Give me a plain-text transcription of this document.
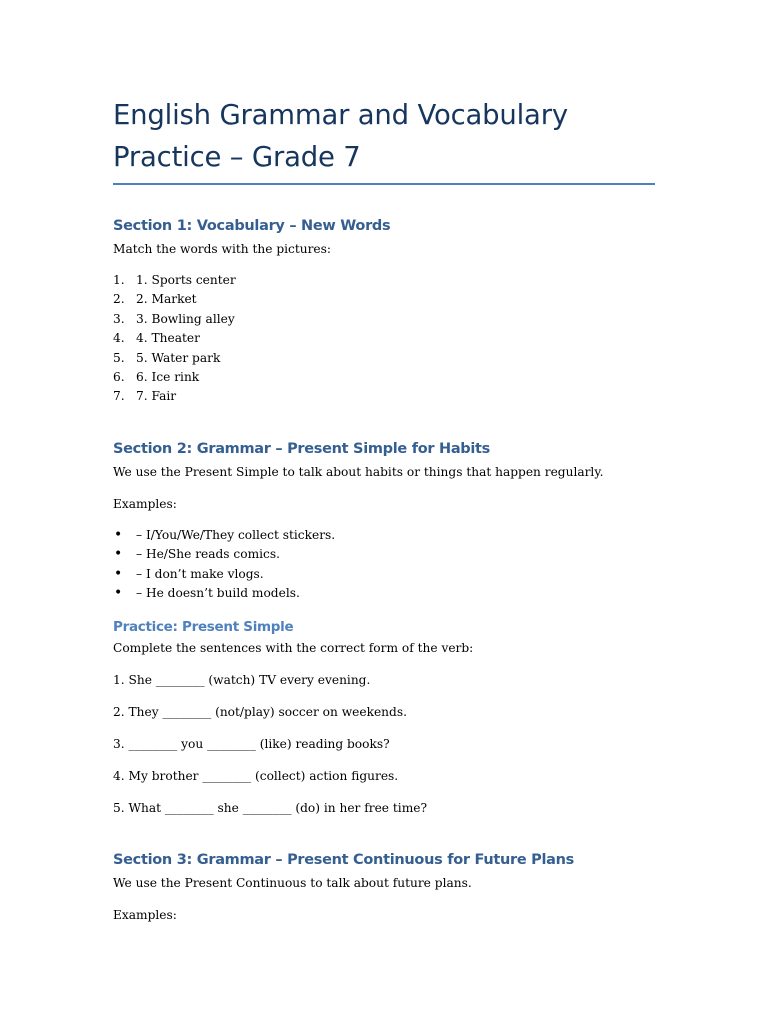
English Grammar and Vocabulary
Practice – Grade 7
Section 1: Vocabulary – New Words

Match the words with the pictures:

1. 1. Sports center
2. 2. Market
3. 3. Bowling alley
4. 4. Theater
5. 5. Water park
6. 6. Ice rink
7. 7. Fair
Section 2: Grammar – Present Simple for Habits

We use the Present Simple to talk about habits or things that happen regularly.

Examples:

• – I/You/We/They collect stickers.
• – He/She reads comics.
• – I don’t make vlogs.
• – He doesn’t build models.
Practice: Present Simple

Complete the sentences with the correct form of the verb:

1. She ________ (watch) TV every evening.

2. They ________ (not/play) soccer on weekends.

3. ________ you ________ (like) reading books?

4. My brother ________ (collect) action figures.

5. What ________ she ________ (do) in her free time?

Section 3: Grammar – Present Continuous for Future Plans

We use the Present Continuous to talk about future plans.

Examples:
